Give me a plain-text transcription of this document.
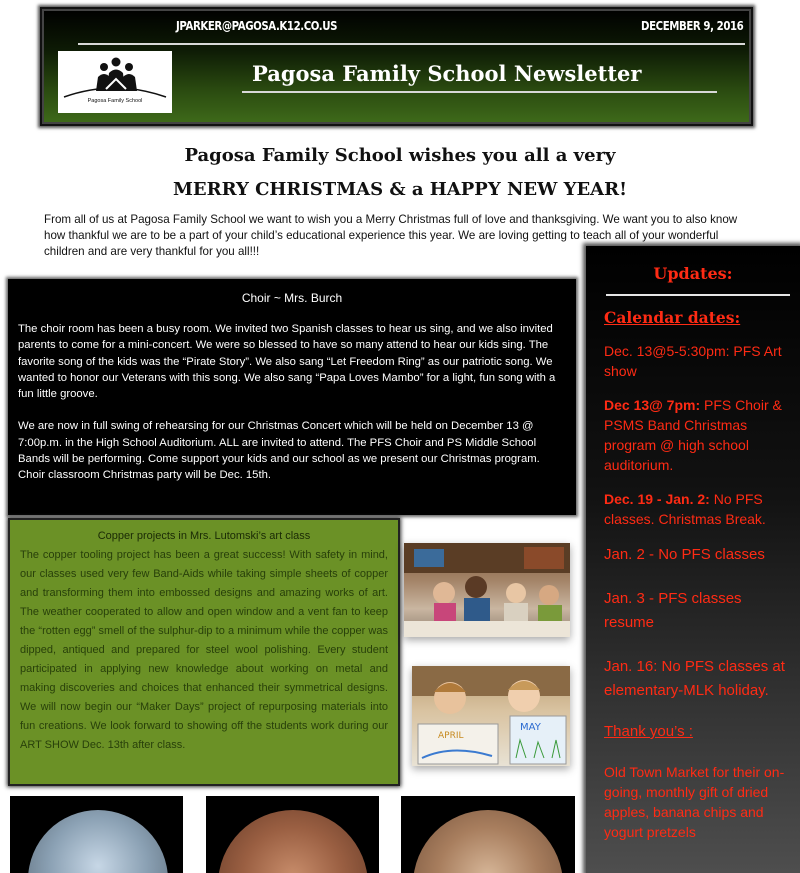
JPARKER@PAGOSA.K12.CO.US	DECEMBER 9, 2016
Pagosa Family School
Pagosa Family School Newsletter
Pagosa Family School wishes you all a very
MERRY CHRISTMAS & a HAPPY NEW YEAR!
From all of us at Pagosa Family School we want to wish you a Merry Christmas full of love and thanksgiving. We want you to also know how thankful we are to be a part of your child’s educational experience this year. We are loving getting to teach all of your wonderful children and are very thankful for you all!!!
Choir ~ Mrs. Burch

The choir room has been a busy room. We invited two Spanish classes to hear us sing, and we also invited parents to come for a mini-concert. We were so blessed to have so many attend to hear our kids sing. The favorite song of the kids was the “Pirate Story”. We also sang “Let Freedom Ring” as our patriotic song. We wanted to honor our Veterans with this song. We also sang “Papa Loves Mambo” for a light, fun song with a fun little groove.

We are now in full swing of rehearsing for our Christmas Concert which will be held on December 13 @ 7:00p.m. in the High School Auditorium. ALL are invited to attend. The PFS Choir and PS Middle School Bands will be performing. Come support your kids and our school as we present our Christmas program. Choir classroom Christmas party will be Dec. 15th.

Copper projects in Mrs. Lutomski’s art class

The copper tooling project has been a great success! With safety in mind, our classes used very few Band-Aids while taking simple sheets of copper and transforming them into embossed designs and amazing works of art. The weather cooperated to allow and open window and a vent fan to keep the “rotten egg” smell of the sulphur-dip to a minimum while the copper was dipped, antiqued and prepared for steel wool polishing. Every student participated in applying new knowledge about working on metal and making discoveries and choices that enhanced their symmetrical designs. We will now begin our “Maker Days” project of repurposing materials into fun creations. We look forward to showing off the students work during our ART SHOW Dec. 13th after class.

APRIL
MAY
Updates:
Calendar dates:
Dec. 13@5-5:30pm: PFS Art show
Dec 13@ 7pm: PFS Choir & PSMS Band Christmas program @ high school auditorium.
Dec. 19 - Jan. 2: No PFS classes. Christmas Break.
Jan. 2 - No PFS classes
Jan. 3 - PFS classes resume
Jan. 16: No PFS classes at elementary-MLK holiday.
Thank you’s :
Old Town Market for their on-going, monthly gift of dried apples, banana chips and yogurt pretzels
